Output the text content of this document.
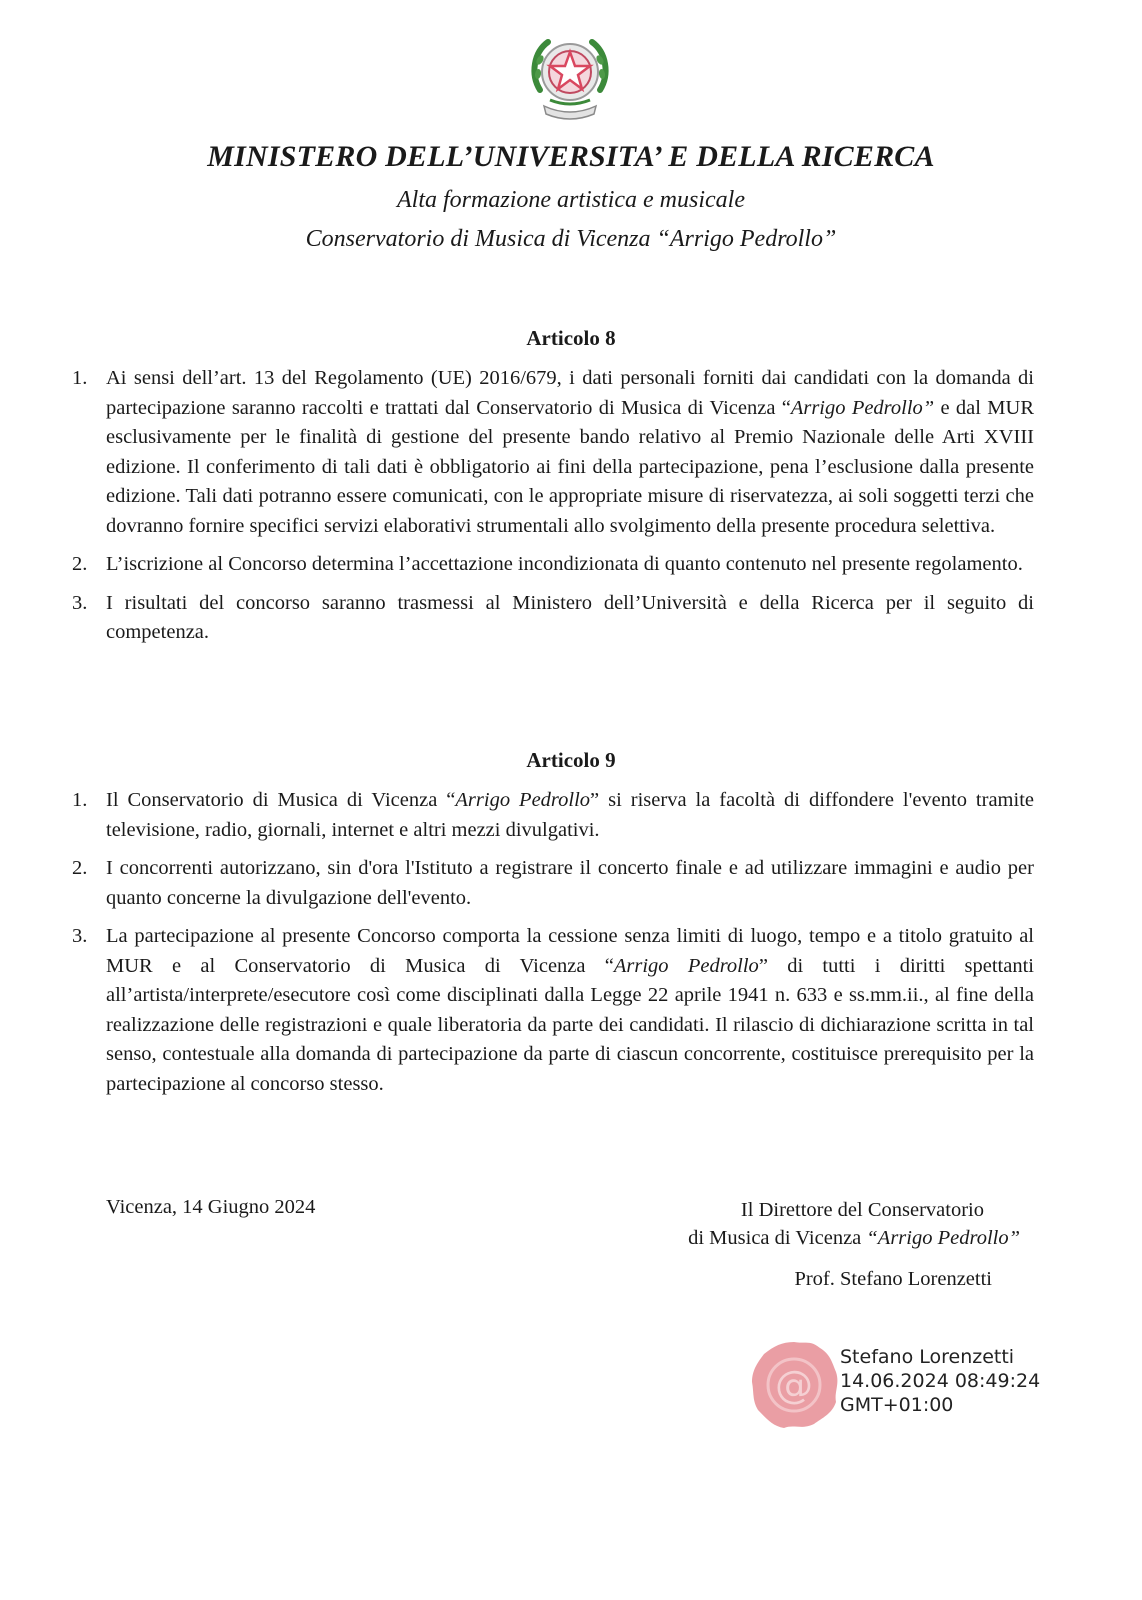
MINISTERO DELL’UNIVERSITA’ E DELLA RICERCA
Alta formazione artistica e musicale
Conservatorio di Musica di Vicenza “Arrigo Pedrollo”
Articolo 8
1. Ai sensi dell’art. 13 del Regolamento (UE) 2016/679, i dati personali forniti dai candidati con la domanda di partecipazione saranno raccolti e trattati dal Conservatorio di Musica di Vicenza “Arrigo Pedrollo” e dal MUR esclusivamente per le finalità di gestione del presente bando relativo al Premio Nazionale delle Arti XVIII edizione. Il conferimento di tali dati è obbligatorio ai fini della partecipazione, pena l’esclusione dalla presente edizione. Tali dati potranno essere comunicati, con le appropriate misure di riservatezza, ai soli soggetti terzi che dovranno fornire specifici servizi elaborativi strumentali allo svolgimento della presente procedura selettiva.
2. L’iscrizione al Concorso determina l’accettazione incondizionata di quanto contenuto nel presente regolamento.
3. I risultati del concorso saranno trasmessi al Ministero dell’Università e della Ricerca per il seguito di competenza.
Articolo 9
1. Il Conservatorio di Musica di Vicenza “Arrigo Pedrollo” si riserva la facoltà di diffondere l'evento tramite televisione, radio, giornali, internet e altri mezzi divulgativi.
2. I concorrenti autorizzano, sin d'ora l'Istituto a registrare il concerto finale e ad utilizzare immagini e audio per quanto concerne la divulgazione dell'evento.
3. La partecipazione al presente Concorso comporta la cessione senza limiti di luogo, tempo e a titolo gratuito al MUR e al Conservatorio di Musica di Vicenza “Arrigo Pedrollo” di tutti i diritti spettanti all’artista/interprete/esecutore così come disciplinati dalla Legge 22 aprile 1941 n. 633 e ss.mm.ii., al fine della realizzazione delle registrazioni e quale liberatoria da parte dei candidati. Il rilascio di dichiarazione scritta in tal senso, contestuale alla domanda di partecipazione da parte di ciascun concorrente, costituisce prerequisito per la partecipazione al concorso stesso.
Vicenza, 14 Giugno 2024	Il Direttore del Conservatorio
di Musica di Vicenza “Arrigo Pedrollo”
Prof. Stefano Lorenzetti
@
Stefano Lorenzetti
14.06.2024 08:49:24
GMT+01:00
